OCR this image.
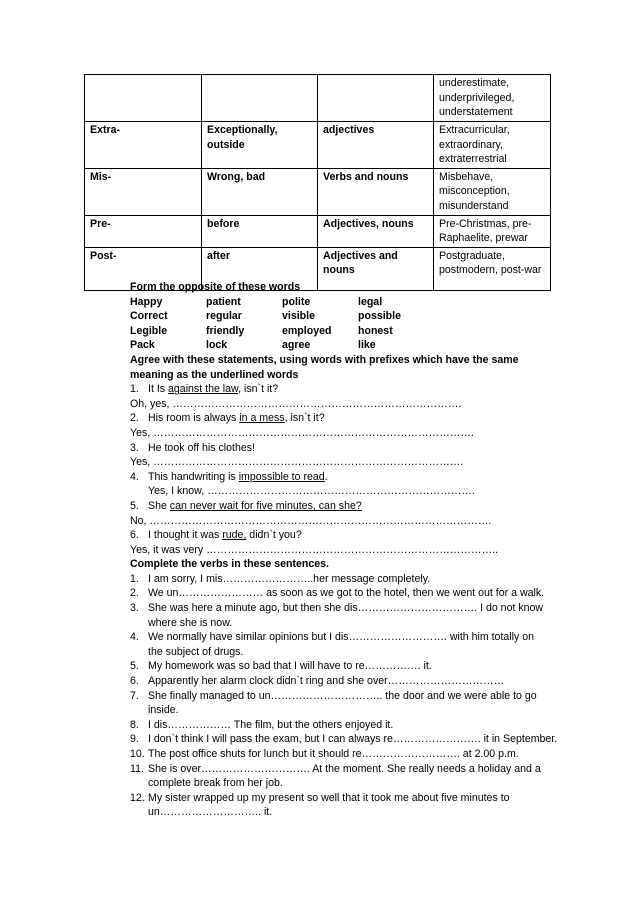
			underestimate, underprivileged, understatement
Extra-	Exceptionally, outside	adjectives	Extracurricular, extraordinary, extraterrestrial
Mis-	Wrong, bad	Verbs and nouns	Misbehave, misconception, misunderstand
Pre-	before	Adjectives, nouns	Pre-Christmas, pre-Raphaelite, prewar
Post-	after	Adjectives and nouns	Postgraduate, postmodern, post-war
Form the opposite of these words
Happy	patient	polite	legal
Correct	regular	visible	possible
Legible	friendly	employed	honest
Pack	lock	agree	like
Agree with these statements, using words with prefixes which have the same
meaning as the underlined words
1. It Is against the law, isn`t it?
Oh, yes, ……………………………………………………………………….
2. His room is always in a mess, isn`t it?
Yes, ……………………………………………………………………………….
3. He took off his clothes!
Yes, …………………………………………………………………………….
4. This handwriting is impossible to read.
Yes, I know, ………………………………………………………………….
5. She can never wait for five minutes, can she?
No, …………………………………………………………………………………….
6. I thought it was rude, didn`t you?
Yes, it was very ………………………………………………………………………..
Complete the verbs in these sentences.
1. I am sorry, I mis……………………..her message completely.
2. We un…………………… as soon as we got to the hotel, then we went out for a walk.
3. She was here a minute ago, but then she dis……………………………. I do not know
where she is now.
4. We normally have similar opinions but I dis………………………. with him totally on
the subject of drugs.
5. My homework was so bad that I will have to re……………. it.
6. Apparently her alarm clock didn`t ring and she over……………………………
7. She finally managed to un………………………….. the door and we were able to go
inside.
8. I dis……………… The film, but the others enjoyed it.
9. I don`t think I will pass the exam, but I can always re……………………. it in September.
10. The post office shuts for lunch but it should re………………………. at 2.00 p.m.
11. She is over…………………………. At the moment. She really needs a holiday and a
complete break from her job.
12. My sister wrapped up my present so well that it took me about five minutes to
un……………………….. it.
